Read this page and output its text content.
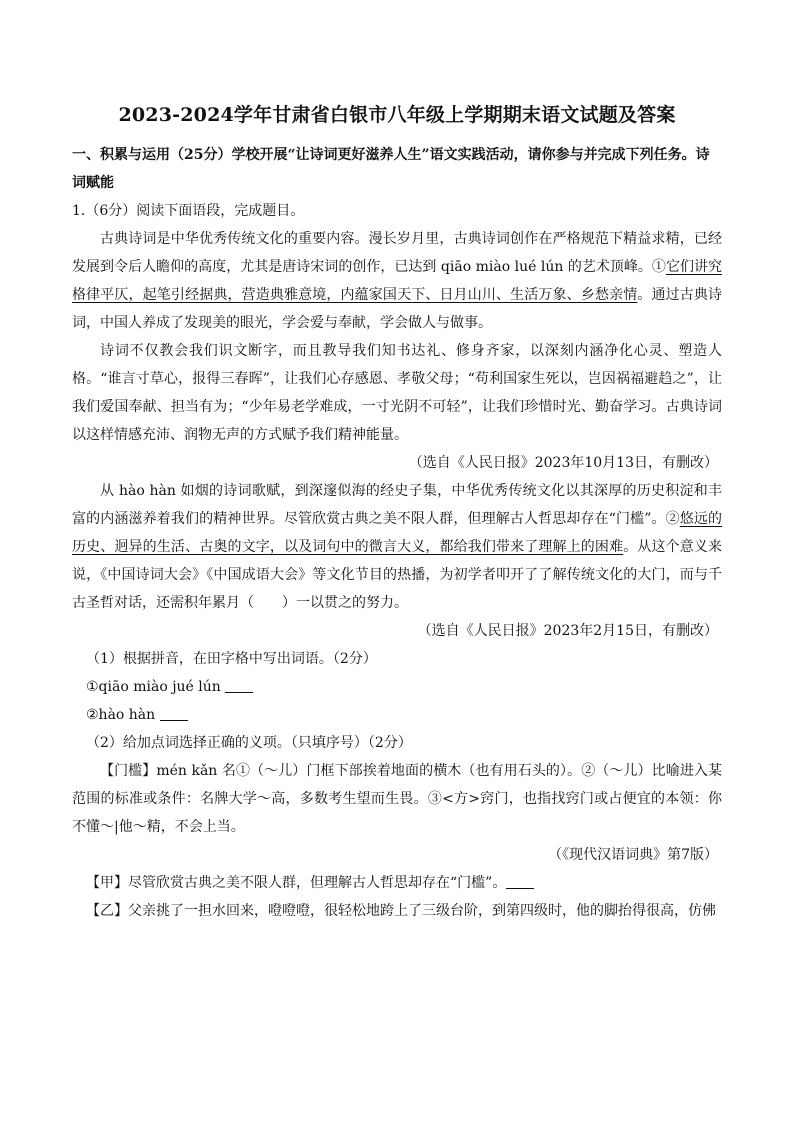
2023-2024学年甘肃省白银市八年级上学期期末语文试题及答案

一、积累与运用（25分）学校开展“让诗词更好滋养人生”语文实践活动，请你参与并完成下列任务。诗
词赋能

1.（6分）阅读下面语段，完成题目。

古典诗词是中华优秀传统文化的重要内容。漫长岁月里，古典诗词创作在严格规范下精益求精，已经发展到令后人瞻仰的高度，尤其是唐诗宋词的创作，已达到 qiāo miào lué lún 的艺术顶峰。①它们讲究格律平仄，起笔引经据典，营造典雅意境，内蕴家国天下、日月山川、生活万象、乡愁亲情。通过古典诗词，中国人养成了发现美的眼光，学会爱与奉献，学会做人与做事。

诗词不仅教会我们识文断字，而且教导我们知书达礼、修身齐家，以深刻内涵净化心灵、塑造人格。“谁言寸草心，报得三春晖”，让我们心存感恩、孝敬父母；“苟利国家生死以，岂因祸福避趋之”，让我们爱国奉献、担当有为；“少年易老学难成，一寸光阴不可轻”，让我们珍惜时光、勤奋学习。古典诗词以这样情感充沛、润物无声的方式赋予我们精神能量。

（选自《人民日报》2023年10月13日，有删改）

从 hào hàn 如烟的诗词歌赋，到深邃似海的经史子集，中华优秀传统文化以其深厚的历史积淀和丰富的内涵滋养着我们的精神世界。尽管欣赏古典之美不限人群，但理解古人哲思却存在“门槛”。②悠远的历史、迥异的生活、古奥的文字，以及词句中的微言大义，都给我们带来了理解上的困难。从这个意义来说，《中国诗词大会》《中国成语大会》等文化节目的热播，为初学者叩开了了解传统文化的大门，而与千古圣哲对话，还需积年累月（　　）一以贯之的努力。

（选自《人民日报》2023年2月15日，有删改）

（1）根据拼音，在田字格中写出词语。（2分）

①qiāo miào jué lún

②hào hàn

（2）给加点词选择正确的义项。（只填序号）（2分）

【门槛】mén kǎn 名①（～儿）门框下部挨着地面的横木（也有用石头的）。②（～儿）比喻进入某范围的标准或条件：名牌大学～高，多数考生望而生畏。③<方>窍门，也指找窍门或占便宜的本领：你不懂～|他～精，不会上当。

（《现代汉语词典》第7版）

【甲】尽管欣赏古典之美不限人群，但理解古人哲思却存在“门槛”。

【乙】父亲挑了一担水回来，噔噔噔，很轻松地跨上了三级台阶，到第四级时，他的脚抬得很高，仿佛
